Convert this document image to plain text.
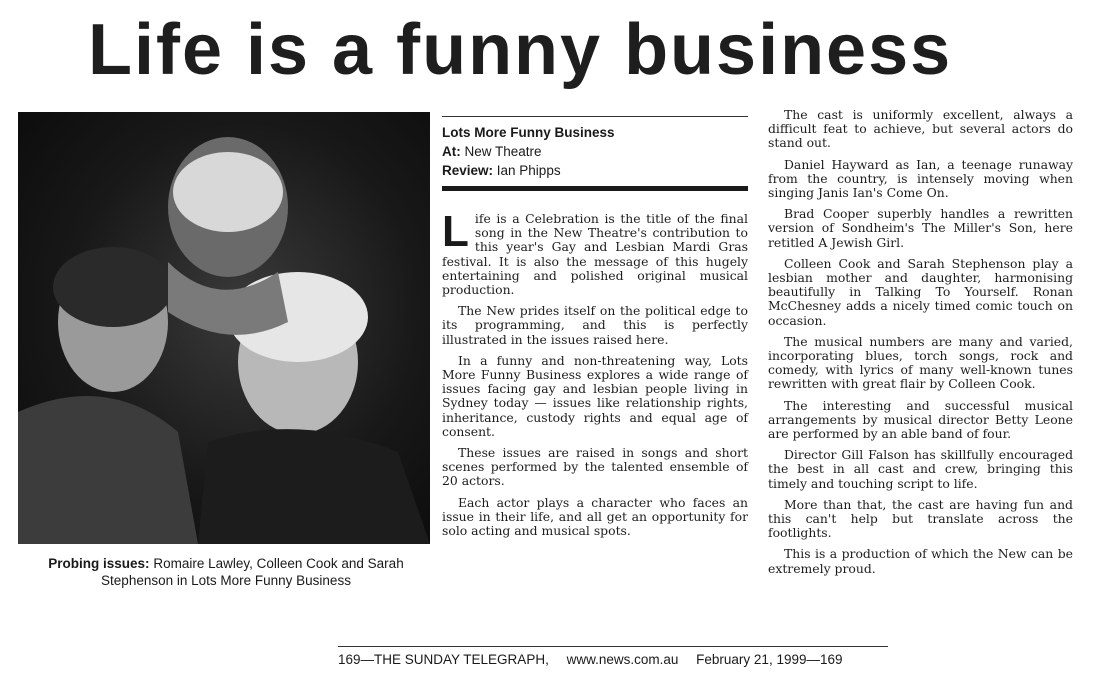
Life is a funny business
Probing issues: Romaire Lawley, Colleen Cook and Sarah Stephenson in Lots More Funny Business
Lots More Funny Business
At: New Theatre
Review: Ian Phipps

Life is a Celebration is the title of the final song in the New Theatre's contribution to this year's Gay and Lesbian Mardi Gras festival. It is also the message of this hugely entertaining and polished original musical production.

The New prides itself on the political edge to its programming, and this is perfectly illustrated in the issues raised here.

In a funny and non-threatening way, Lots More Funny Business explores a wide range of issues facing gay and lesbian people living in Sydney today — issues like relationship rights, inheritance, custody rights and equal age of consent.

These issues are raised in songs and short scenes performed by the talented ensemble of 20 actors.

Each actor plays a character who faces an issue in their life, and all get an opportunity for solo acting and musical spots.

The cast is uniformly excellent, always a difficult feat to achieve, but several actors do stand out.

Daniel Hayward as Ian, a teenage runaway from the country, is intensely moving when singing Janis Ian's Come On.

Brad Cooper superbly handles a rewritten version of Sondheim's The Miller's Son, here retitled A Jewish Girl.

Colleen Cook and Sarah Stephenson play a lesbian mother and daughter, harmonising beautifully in Talking To Yourself. Ronan McChesney adds a nicely timed comic touch on occasion.

The musical numbers are many and varied, incorporating blues, torch songs, rock and comedy, with lyrics of many well-known tunes rewritten with great flair by Colleen Cook.

The interesting and successful musical arrangements by musical director Betty Leone are performed by an able band of four.

Director Gill Falson has skillfully encouraged the best in all cast and crew, bringing this timely and touching script to life.

More than that, the cast are having fun and this can't help but translate across the footlights.

This is a production of which the New can be extremely proud.

169—THE SUNDAY TELEGRAPH, www.news.com.au February 21, 1999—169
